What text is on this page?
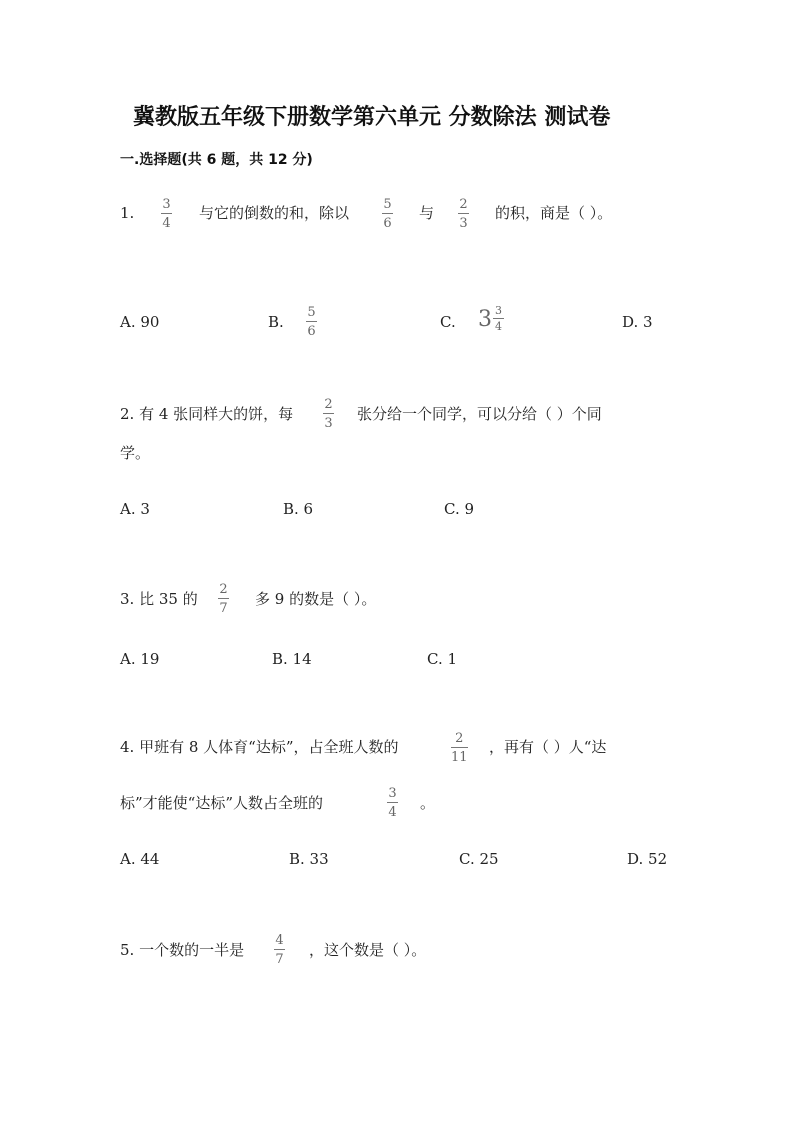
冀教版五年级下册数学第六单元 分数除法 测试卷
一.选择题(共 6 题，共 12 分)
1. 3
4
与它的倒数的和，除以	5
6
与 2
3
的积，商是（ ）。
A. 90	B.
5
6
C. $3 \frac{3}{4}$	D. 3
2. 有 4 张同样大的饼，每
2
3
张分给一个同学，可以分给（ ）个同
学。
A. 3	B. 6	C. 9
3. 比 35 的
2
7
多 9 的数是（ ）。
A. 19	B. 14	C. 1
4. 甲班有 8 人体育“达标”，占全班人数的	2
11
，再有（ ）人“达
标”才能使“达标”人数占全班的
3
4
。
A. 44	B. 33	C. 25	D. 52
5. 一个数的一半是
4
7
，这个数是（ ）。
